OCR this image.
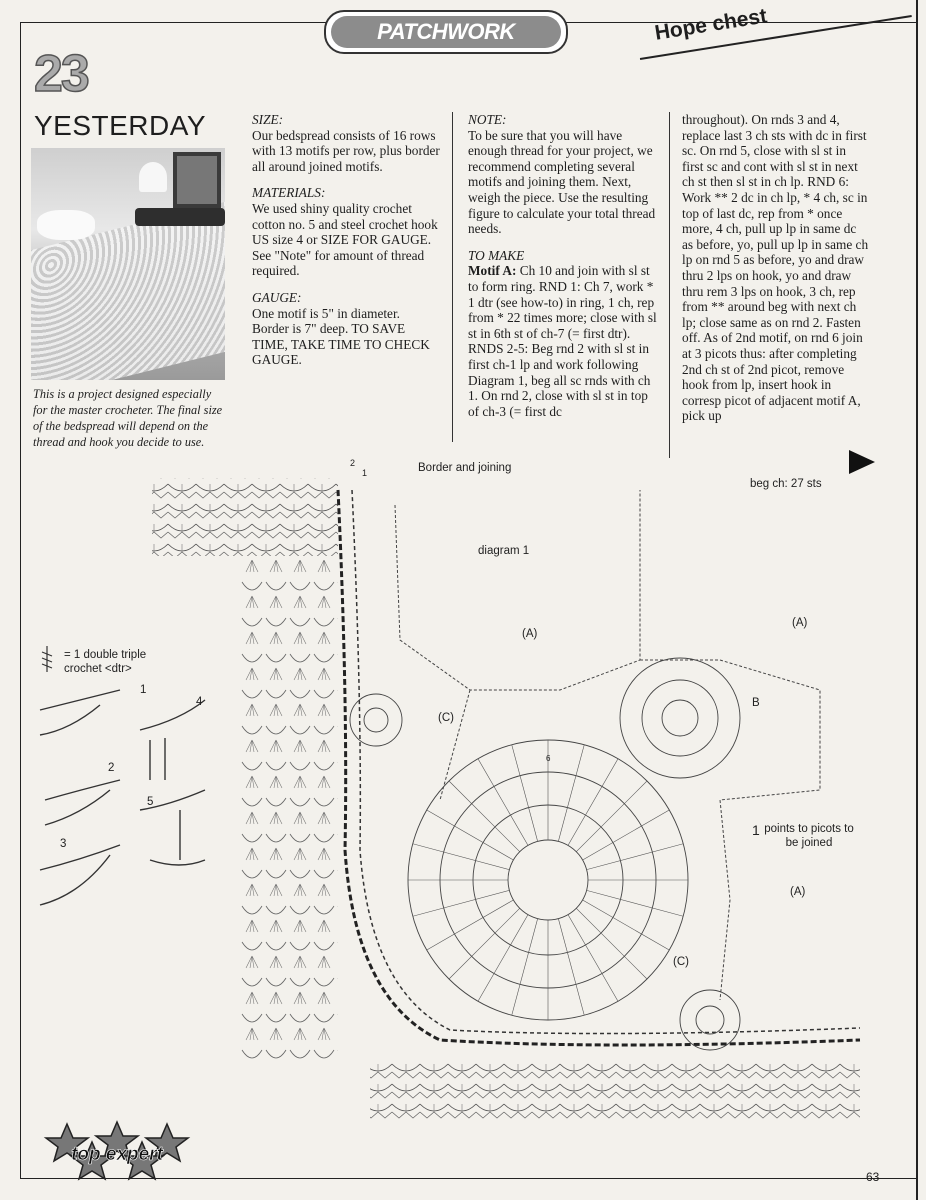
PATCHWORK	Hope chest
23
YESTERDAY
This is a project designed especially for the master crocheter. The final size of the bedspread will depend on the thread and hook you decide to use.

SIZE:

Our bedspread consists of 16 rows with 13 motifs per row, plus border all around joined motifs.

MATERIALS:

We used shiny quality crochet cotton no. 5 and steel crochet hook US size 4 or SIZE FOR GAUGE. See "Note" for amount of thread required.

GAUGE:

One motif is 5" in diameter. Border is 7" deep. TO SAVE TIME, TAKE TIME TO CHECK GAUGE.

NOTE:

To be sure that you will have enough thread for your project, we recommend completing several motifs and joining them. Next, weigh the piece. Use the resulting figure to calculate your total thread needs.

TO MAKE

Motif A: Ch 10 and join with sl st to form ring. RND 1: Ch 7, work * 1 dtr (see how-to) in ring, 1 ch, rep from * 22 times more; close with sl st in 6th st of ch-7 (= first dtr). RNDS 2-5: Beg rnd 2 with sl st in first ch-1 lp and work following Diagram 1, beg all sc rnds with ch 1. On rnd 2, close with sl st in top of ch-3 (= first dc

throughout). On rnds 3 and 4, replace last 3 ch sts with dc in first sc. On rnd 5, close with sl st in first sc and cont with sl st in next ch st then sl st in ch lp. RND 6: Work ** 2 dc in ch lp, * 4 ch, sc in top of last dc, rep from * once more, 4 ch, pull up lp in same dc as before, yo, pull up lp in same ch lp on rnd 5 as before, yo and draw thru 2 lps on hook, yo and draw thru rem 3 lps on hook, 3 ch, rep from ** around beg with next ch lp; close same as on rnd 2. Fasten off. As of 2nd motif, on rnd 6 join at 3 picots thus: after completing 2nd ch st of 2nd picot, remove hook from lp, insert hook in corresp picot of adjacent motif A, pick up

Border and joining
2
1
diagram 1
beg ch: 27 sts
(A)
(A)
(A)
B
(C)
(C)
6
1 points to picots to be joined
= 1 double triple crochet <dtr>
1
2
3
4
5
top expert
63
